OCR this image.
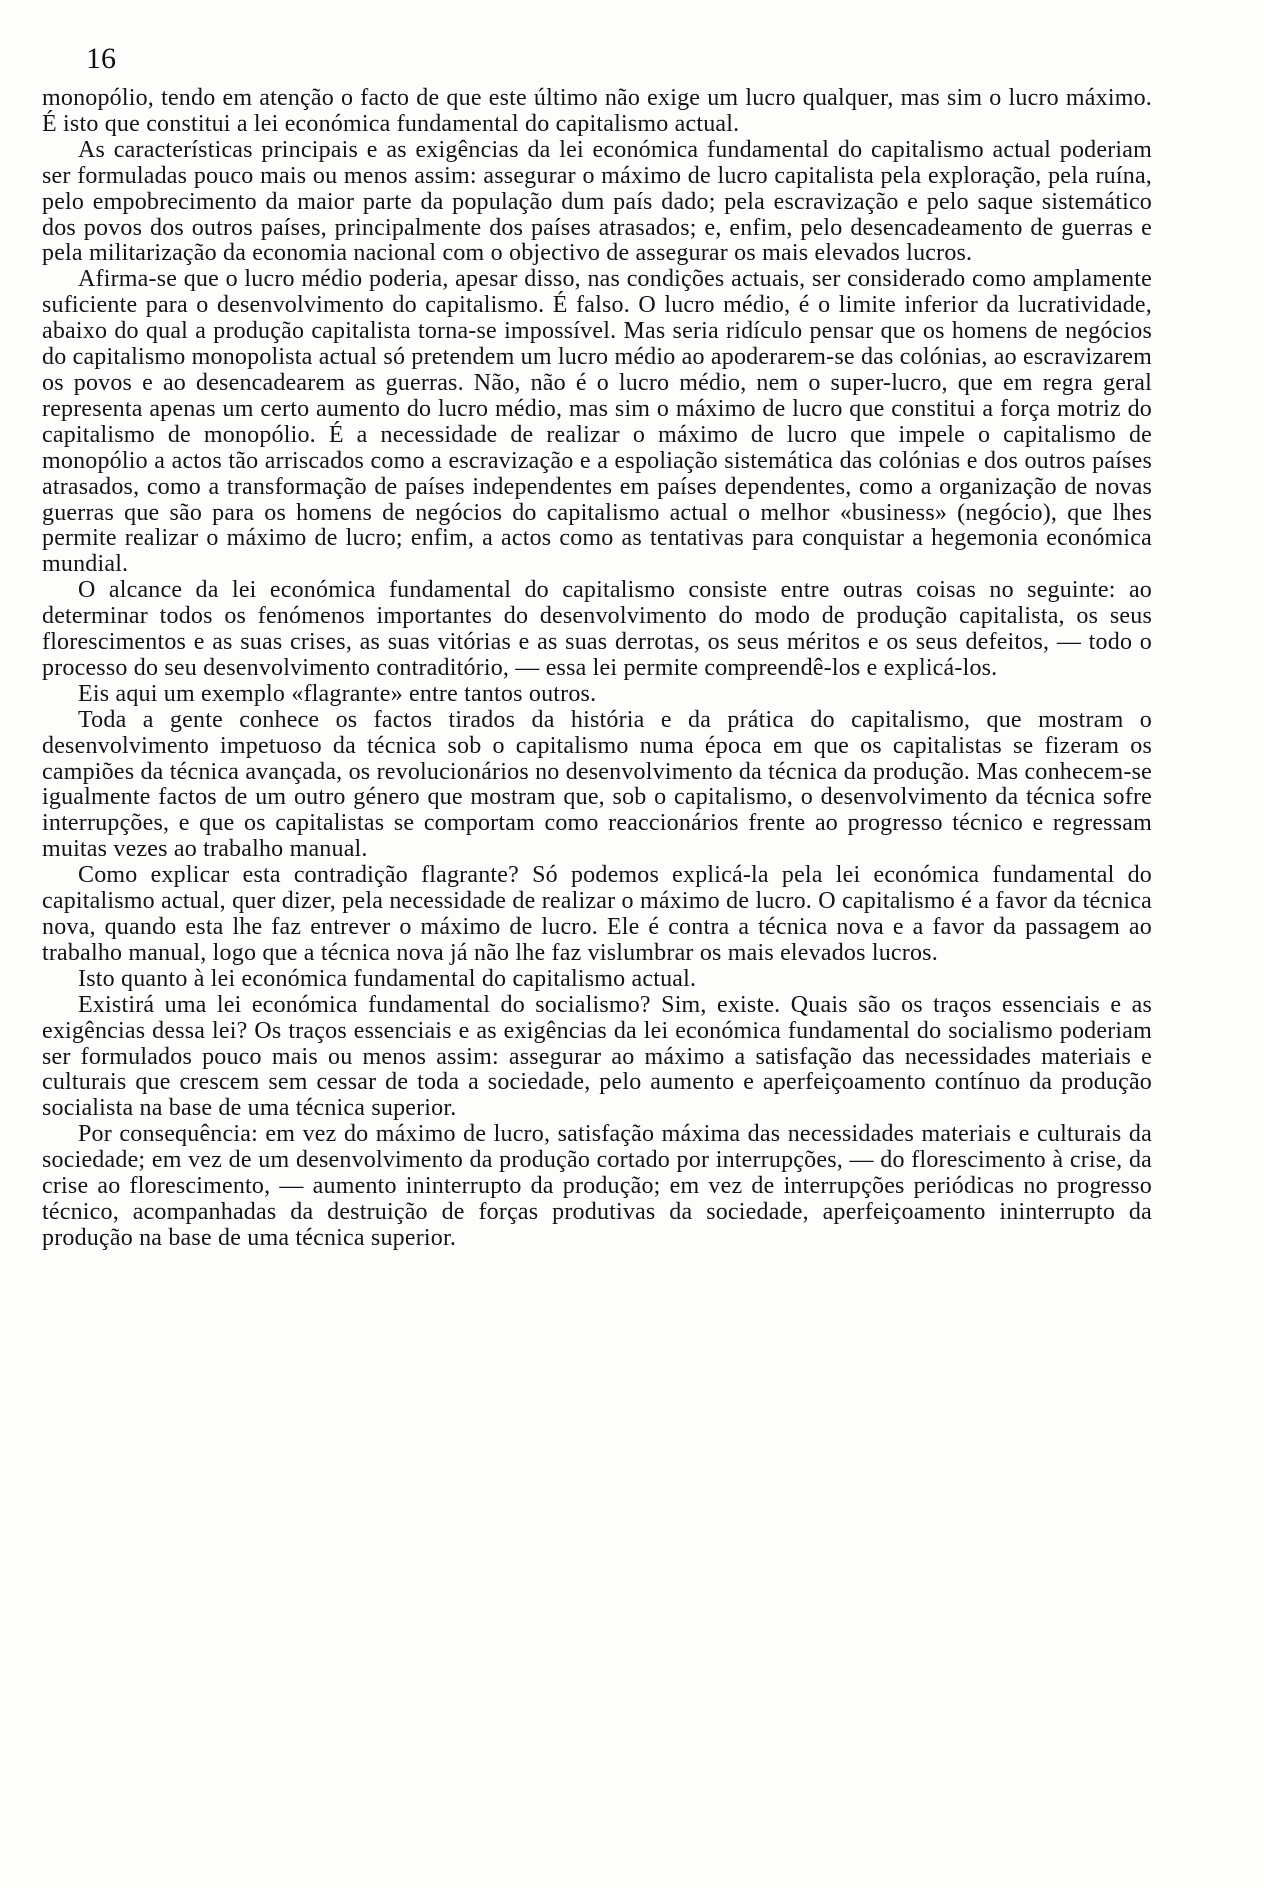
16

monopólio, tendo em atenção o facto de que este último não exige um lucro qualquer, mas sim o lucro máximo. É isto que constitui a lei económica fundamental do capitalismo actual.

As características principais e as exigências da lei económica fundamental do capitalismo actual poderiam ser formuladas pouco mais ou menos assim: assegurar o máximo de lucro capitalista pela exploração, pela ruína, pelo empobrecimento da maior parte da população dum país dado; pela escravização e pelo saque sistemático dos povos dos outros países, principalmente dos países atrasados; e, enfim, pelo desencadeamento de guerras e pela militarização da economia nacional com o objectivo de assegurar os mais elevados lucros.

Afirma-se que o lucro médio poderia, apesar disso, nas condições actuais, ser considerado como amplamente suficiente para o desenvolvimento do capitalismo. É falso. O lucro médio, é o limite inferior da lucratividade, abaixo do qual a produção capitalista torna-se impossível. Mas seria ridículo pensar que os homens de negócios do capitalismo monopolista actual só pretendem um lucro médio ao apoderarem-se das colónias, ao escravizarem os povos e ao desencadearem as guerras. Não, não é o lucro médio, nem o super-lucro, que em regra geral representa apenas um certo aumento do lucro médio, mas sim o máximo de lucro que constitui a força motriz do capitalismo de monopólio. É a necessidade de realizar o máximo de lucro que impele o capitalismo de monopólio a actos tão arriscados como a escravização e a espoliação sistemática das colónias e dos outros países atrasados, como a transformação de países independentes em países dependentes, como a organização de novas guerras que são para os homens de negócios do capitalismo actual o melhor «business» (negócio), que lhes permite realizar o máximo de lucro; enfim, a actos como as tentativas para conquistar a hegemonia económica mundial.

O alcance da lei económica fundamental do capitalismo consiste entre outras coisas no seguinte: ao determinar todos os fenómenos importantes do desenvolvimento do modo de produção capitalista, os seus florescimentos e as suas crises, as suas vitórias e as suas derrotas, os seus méritos e os seus defeitos, — todo o processo do seu desenvolvimento contraditório, — essa lei permite compreendê-los e explicá-los.

Eis aqui um exemplo «flagrante» entre tantos outros.

Toda a gente conhece os factos tirados da história e da prática do capitalismo, que mostram o desenvolvimento impetuoso da técnica sob o capitalismo numa época em que os capitalistas se fizeram os campiões da técnica avançada, os revolucionários no desenvolvimento da técnica da produção. Mas conhecem-se igualmente factos de um outro género que mostram que, sob o capitalismo, o desenvolvimento da técnica sofre interrupções, e que os capitalistas se comportam como reaccionários frente ao progresso técnico e regressam muitas vezes ao trabalho manual.

Como explicar esta contradição flagrante? Só podemos explicá-la pela lei económica fundamental do capitalismo actual, quer dizer, pela necessidade de realizar o máximo de lucro. O capitalismo é a favor da técnica nova, quando esta lhe faz entrever o máximo de lucro. Ele é contra a técnica nova e a favor da passagem ao trabalho manual, logo que a técnica nova já não lhe faz vislumbrar os mais elevados lucros.

Isto quanto à lei económica fundamental do capitalismo actual.

Existirá uma lei económica fundamental do socialismo? Sim, existe. Quais são os traços essenciais e as exigências dessa lei? Os traços essenciais e as exigências da lei económica fundamental do socialismo poderiam ser formulados pouco mais ou menos assim: assegurar ao máximo a satisfação das necessidades materiais e culturais que crescem sem cessar de toda a sociedade, pelo aumento e aperfeiçoamento contínuo da produção socialista na base de uma técnica superior.

Por consequência: em vez do máximo de lucro, satisfação máxima das necessidades materiais e culturais da sociedade; em vez de um desenvolvimento da produção cortado por interrupções, — do florescimento à crise, da crise ao florescimento, — aumento ininterrupto da produção; em vez de interrupções periódicas no progresso técnico, acompanhadas da destruição de forças produtivas da sociedade, aperfeiçoamento ininterrupto da produção na base de uma técnica superior.
